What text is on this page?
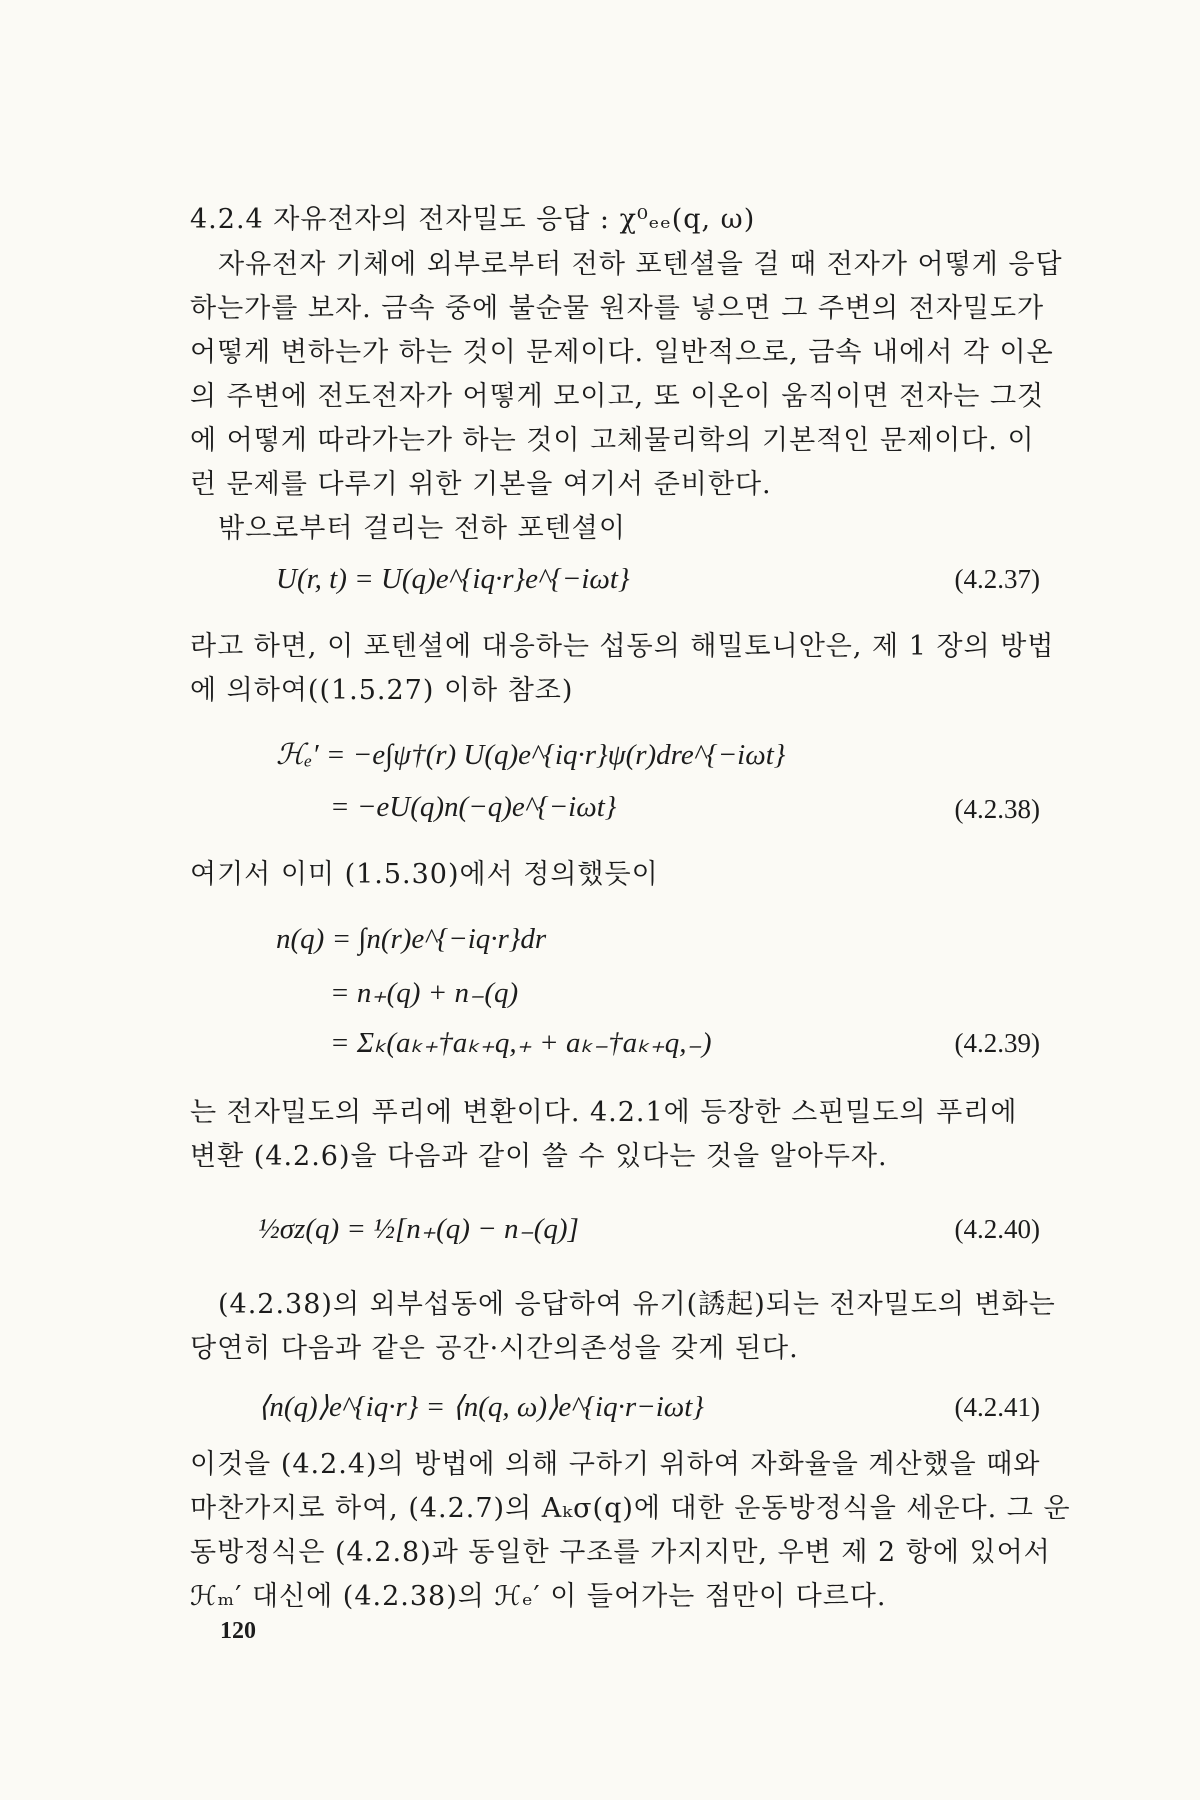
4.2.4 자유전자의 전자밀도 응답 : χ⁰ₑₑ(q, ω)
자유전자 기체에 외부로부터 전하 포텐셜을 걸 때 전자가 어떻게 응답
하는가를 보자. 금속 중에 불순물 원자를 넣으면 그 주변의 전자밀도가
어떻게 변하는가 하는 것이 문제이다. 일반적으로, 금속 내에서 각 이온
의 주변에 전도전자가 어떻게 모이고, 또 이온이 움직이면 전자는 그것
에 어떻게 따라가는가 하는 것이 고체물리학의 기본적인 문제이다. 이
런 문제를 다루기 위한 기본을 여기서 준비한다.
밖으로부터 걸리는 전하 포텐셜이
U(r, t) = U(q)e^{iq·r}e^{−iωt}	(4.2.37)
라고 하면, 이 포텐셜에 대응하는 섭동의 해밀토니안은, 제 1 장의 방법
에 의하여((1.5.27) 이하 참조)
ℋₑ′ = −e∫ψ†(r) U(q)e^{iq·r}ψ(r)dre^{−iωt}
= −eU(q)n(−q)e^{−iωt}	(4.2.38)
여기서 이미 (1.5.30)에서 정의했듯이
n(q) = ∫n(r)e^{−iq·r}dr
= n₊(q) + n₋(q)
= Σₖ(aₖ₊†aₖ₊q,₊ + aₖ₋†aₖ₊q,₋)	(4.2.39)
는 전자밀도의 푸리에 변환이다. 4.2.1에 등장한 스핀밀도의 푸리에
변환 (4.2.6)을 다음과 같이 쓸 수 있다는 것을 알아두자.
½σz(q) = ½[n₊(q) − n₋(q)]	(4.2.40)
(4.2.38)의 외부섭동에 응답하여 유기(誘起)되는 전자밀도의 변화는
당연히 다음과 같은 공간·시간의존성을 갖게 된다.
⟨n(q)⟩e^{iq·r} = ⟨n(q, ω)⟩e^{iq·r−iωt}	(4.2.41)
이것을 (4.2.4)의 방법에 의해 구하기 위하여 자화율을 계산했을 때와
마찬가지로 하여, (4.2.7)의 Aₖσ(q)에 대한 운동방정식을 세운다. 그 운
동방정식은 (4.2.8)과 동일한 구조를 가지지만, 우변 제 2 항에 있어서
ℋₘ′ 대신에 (4.2.38)의 ℋₑ′ 이 들어가는 점만이 다르다.
120
